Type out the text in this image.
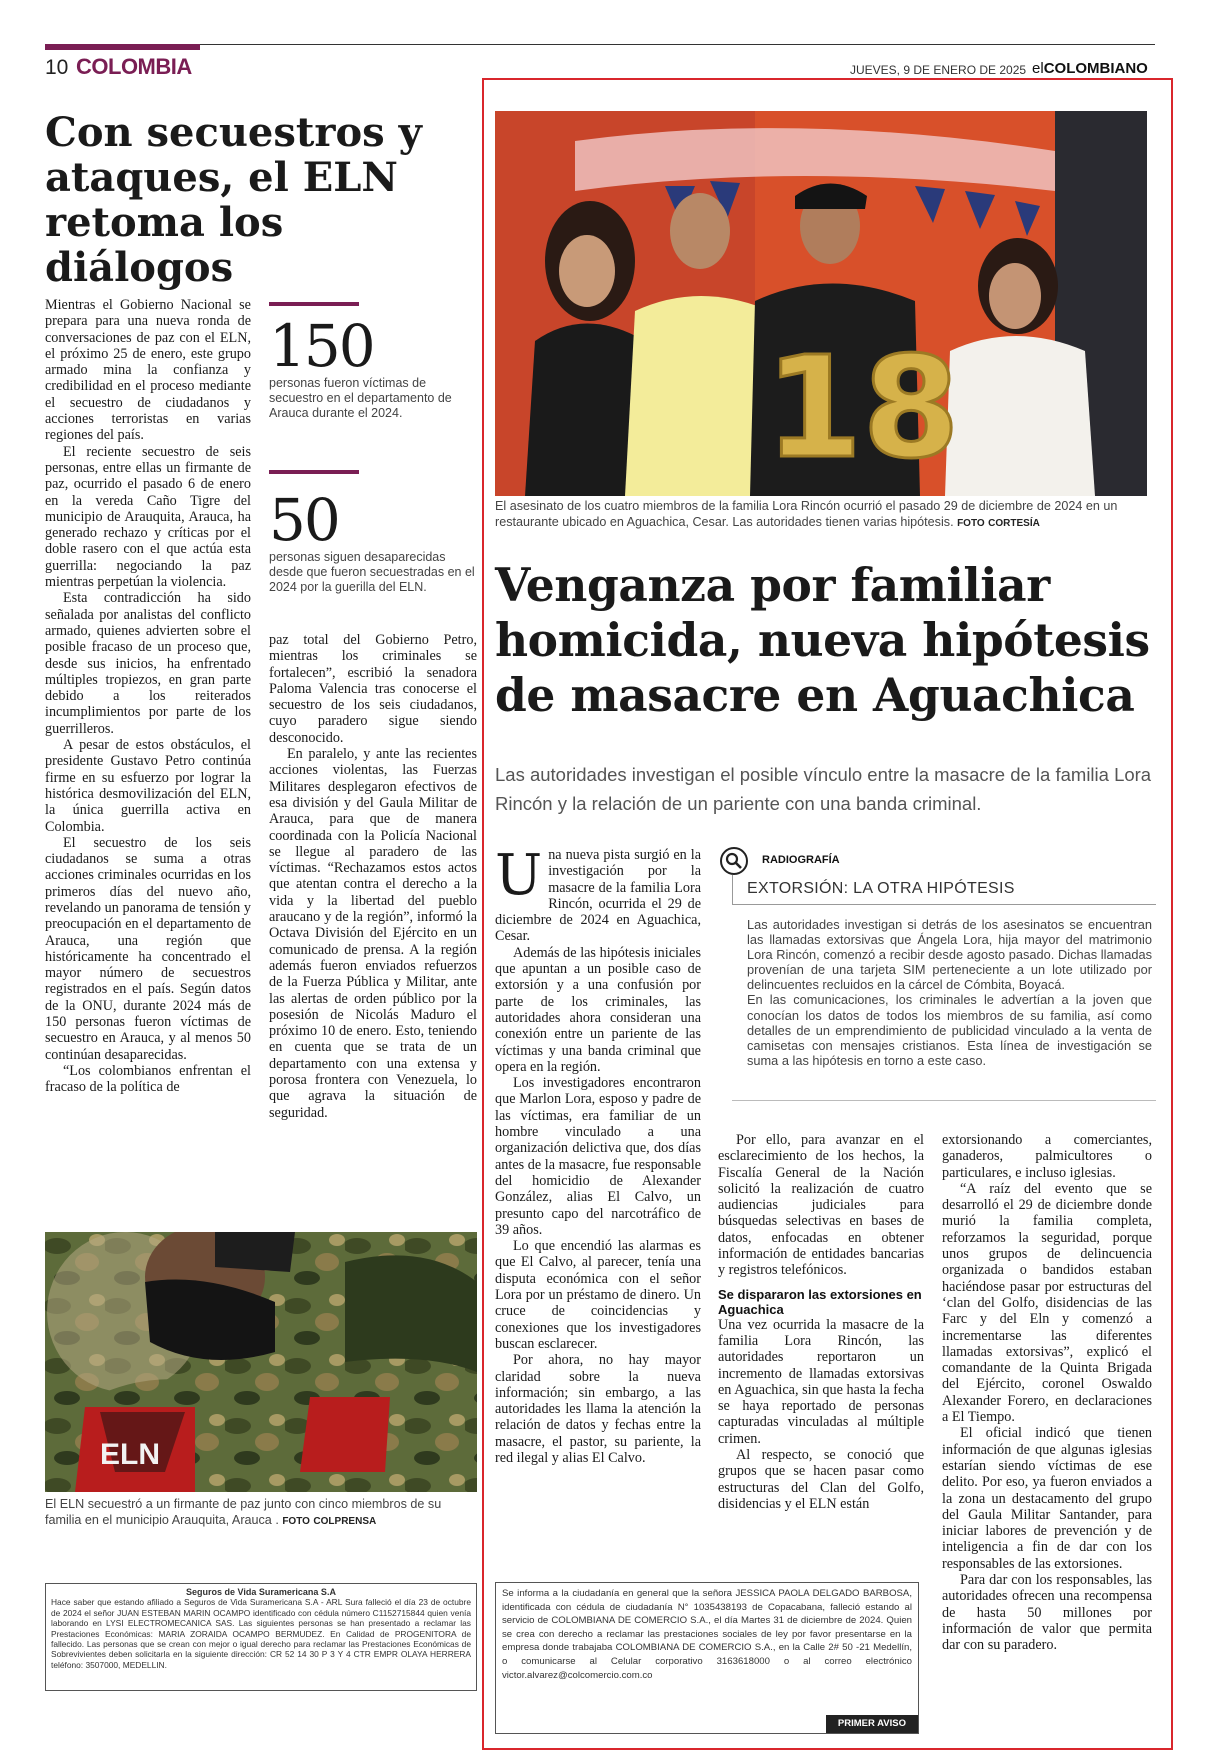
10 COLOMBIA	JUEVES, 9 DE ENERO DE 2025 elCOLOMBIANO
Con secuestros y ataques, el ELN retoma los diálogos

Mientras el Gobierno Nacional se prepara para una nueva ronda de conversaciones de paz con el ELN, el próximo 25 de enero, este grupo armado mina la confianza y credibilidad en el proceso mediante el secuestro de ciudadanos y acciones terroristas en varias regiones del país.

El reciente secuestro de seis personas, entre ellas un firmante de paz, ocurrido el pasado 6 de enero en la vereda Caño Tigre del municipio de Arauquita, Arauca, ha generado rechazo y críticas por el doble rasero con el que actúa esta guerrilla: negociando la paz mientras perpetúan la violencia.

Esta contradicción ha sido señalada por analistas del conflicto armado, quienes advierten sobre el posible fracaso de un proceso que, desde sus inicios, ha enfrentado múltiples tropiezos, en gran parte debido a los reiterados incumplimientos por parte de los guerrilleros.

A pesar de estos obstáculos, el presidente Gustavo Petro continúa firme en su esfuerzo por lograr la histórica desmovilización del ELN, la única guerrilla activa en Colombia.

El secuestro de los seis ciudadanos se suma a otras acciones criminales ocurridas en los primeros días del nuevo año, revelando un panorama de tensión y preocupación en el departamento de Arauca, una región que históricamente ha concentrado el mayor número de secuestros registrados en el país. Según datos de la ONU, durante 2024 más de 150 personas fueron víctimas de secuestro en Arauca, y al menos 50 continúan desaparecidas.

“Los colombianos enfrentan el fracaso de la política de

150
personas fueron víctimas de secuestro en el departamento de Arauca durante el 2024.
50
personas siguen desaparecidas desde que fueron secuestradas en el 2024 por la guerilla del ELN.

paz total del Gobierno Petro, mientras los criminales se fortalecen”, escribió la senadora Paloma Valencia tras conocerse el secuestro de los seis ciudadanos, cuyo paradero sigue siendo desconocido.

En paralelo, y ante las recientes acciones violentas, las Fuerzas Militares desplegaron efectivos de esa división y del Gaula Militar de Arauca, para que de manera coordinada con la Policía Nacional se llegue al paradero de las víctimas. “Rechazamos estos actos que atentan contra el derecho a la vida y la libertad del pueblo araucano y de la región”, informó la Octava División del Ejército en un comunicado de prensa. A la región además fueron enviados refuerzos de la Fuerza Pública y Militar, ante las alertas de orden público por la posesión de Nicolás Maduro el próximo 10 de enero. Esto, teniendo en cuenta que se trata de un departamento con una extensa y porosa frontera con Venezuela, lo que agrava la situación de seguridad.

ELN
El ELN secuestró a un firmante de paz junto con cinco miembros de su familia en el municipio Arauquita, Arauca . FOTO COLPRENSA
Seguros de Vida Suramericana S.A
Hace saber que estando afiliado a Seguros de Vida Suramericana S.A - ARL Sura falleció el día 23 de octubre de 2024 el señor JUAN ESTEBAN MARIN OCAMPO identificado con cédula número C1152715844 quien venía laborando en LYSI ELECTROMECANICA SAS. Las siguientes personas se han presentado a reclamar las Prestaciones Económicas: MARIA ZORAIDA OCAMPO BERMUDEZ. En Calidad de PROGENITORA de fallecido. Las personas que se crean con mejor o igual derecho para reclamar las Prestaciones Económicas de Sobrevivientes deben solicitarla en la siguiente dirección: CR 52 14 30 P 3 Y 4 CTR EMPR OLAYA HERRERA teléfono: 3507000, MEDELLIN.
18
El asesinato de los cuatro miembros de la familia Lora Rincón ocurrió el pasado 29 de diciembre de 2024 en un restaurante ubicado en Aguachica, Cesar. Las autoridades tienen varias hipótesis. FOTO CORTESÍA
Venganza por familiar homicida, nueva hipótesis de masacre en Aguachica
Las autoridades investigan el posible vínculo entre la masacre de la familia Lora Rincón y la relación de un pariente con una banda criminal.

Una nueva pista surgió en la investigación por la masacre de la familia Lora Rincón, ocurrida el 29 de diciembre de 2024 en Aguachica, Cesar.

Además de las hipótesis iniciales que apuntan a un posible caso de extorsión y a una confusión por parte de los criminales, las autoridades ahora consideran una conexión entre un pariente de las víctimas y una banda criminal que opera en la región.

Los investigadores encontraron que Marlon Lora, esposo y padre de las víctimas, era familiar de un hombre vinculado a una organización delictiva que, dos días antes de la masacre, fue responsable del homicidio de Alexander González, alias El Calvo, un presunto capo del narcotráfico de 39 años.

Lo que encendió las alarmas es que El Calvo, al parecer, tenía una disputa económica con el señor Lora por un préstamo de dinero. Un cruce de coincidencias y conexiones que los investigadores buscan esclarecer.

Por ahora, no hay mayor claridad sobre la nueva información; sin embargo, a las autoridades les llama la atención la relación de datos y fechas entre la masacre, el pastor, su pariente, la red ilegal y alias El Calvo.

RADIOGRAFÍA
EXTORSIÓN: LA OTRA HIPÓTESIS

Las autoridades investigan si detrás de los asesinatos se encuentran las llamadas extorsivas que Ángela Lora, hija mayor del matrimonio Lora Rincón, comenzó a recibir desde agosto pasado. Dichas llamadas provenían de una tarjeta SIM perteneciente a un lote utilizado por delincuentes recluidos en la cárcel de Cómbita, Boyacá.

En las comunicaciones, los criminales le advertían a la joven que conocían los datos de todos los miembros de su familia, así como detalles de un emprendimiento de publicidad vinculado a la venta de camisetas con mensajes cristianos. Esta línea de investigación se suma a las hipótesis en torno a este caso.

Por ello, para avanzar en el esclarecimiento de los hechos, la Fiscalía General de la Nación solicitó la realización de cuatro audiencias judiciales para búsquedas selectivas en bases de datos, enfocadas en obtener información de entidades bancarias y registros telefónicos.

Se dispararon las extorsiones en Aguachica

Una vez ocurrida la masacre de la familia Lora Rincón, las autoridades reportaron un incremento de llamadas extorsivas en Aguachica, sin que hasta la fecha se haya reportado de personas capturadas vinculadas al múltiple crimen.

Al respecto, se conoció que grupos que se hacen pasar como estructuras del Clan del Golfo, disidencias y el ELN están

extorsionando a comerciantes, ganaderos, palmicultores o particulares, e incluso iglesias.

“A raíz del evento que se desarrolló el 29 de diciembre donde murió la familia completa, reforzamos la seguridad, porque unos grupos de delincuencia organizada o bandidos estaban haciéndose pasar por estructuras del ‘clan del Golfo, disidencias de las Farc y del Eln y comenzó a incrementarse las diferentes llamadas extorsivas”, explicó el comandante de la Quinta Brigada del Ejército, coronel Oswaldo Alexander Forero, en declaraciones a El Tiempo.

El oficial indicó que tienen información de que algunas iglesias estarían siendo víctimas de ese delito. Por eso, ya fueron enviados a la zona un destacamento del grupo del Gaula Militar Santander, para iniciar labores de prevención y de inteligencia a fin de dar con los responsables de las extorsiones.

Para dar con los responsables, las autoridades ofrecen una recompensa de hasta 50 millones por información de valor que permita dar con su paradero.

Se informa a la ciudadanía en general que la señora JESSICA PAOLA DELGADO BARBOSA, identificada con cédula de ciudadanía N° 1035438193 de Copacabana, falleció estando al servicio de COLOMBIANA DE COMERCIO S.A., el día Martes 31 de diciembre de 2024. Quien se crea con derecho a reclamar las prestaciones sociales de ley por favor presentarse en la empresa donde trabajaba COLOMBIANA DE COMERCIO S.A., en la Calle 2# 50 -21 Medellín, o comunicarse al Celular corporativo 3163618000 o al correo electrónico victor.alvarez@colcomercio.com.co
PRIMER AVISO
